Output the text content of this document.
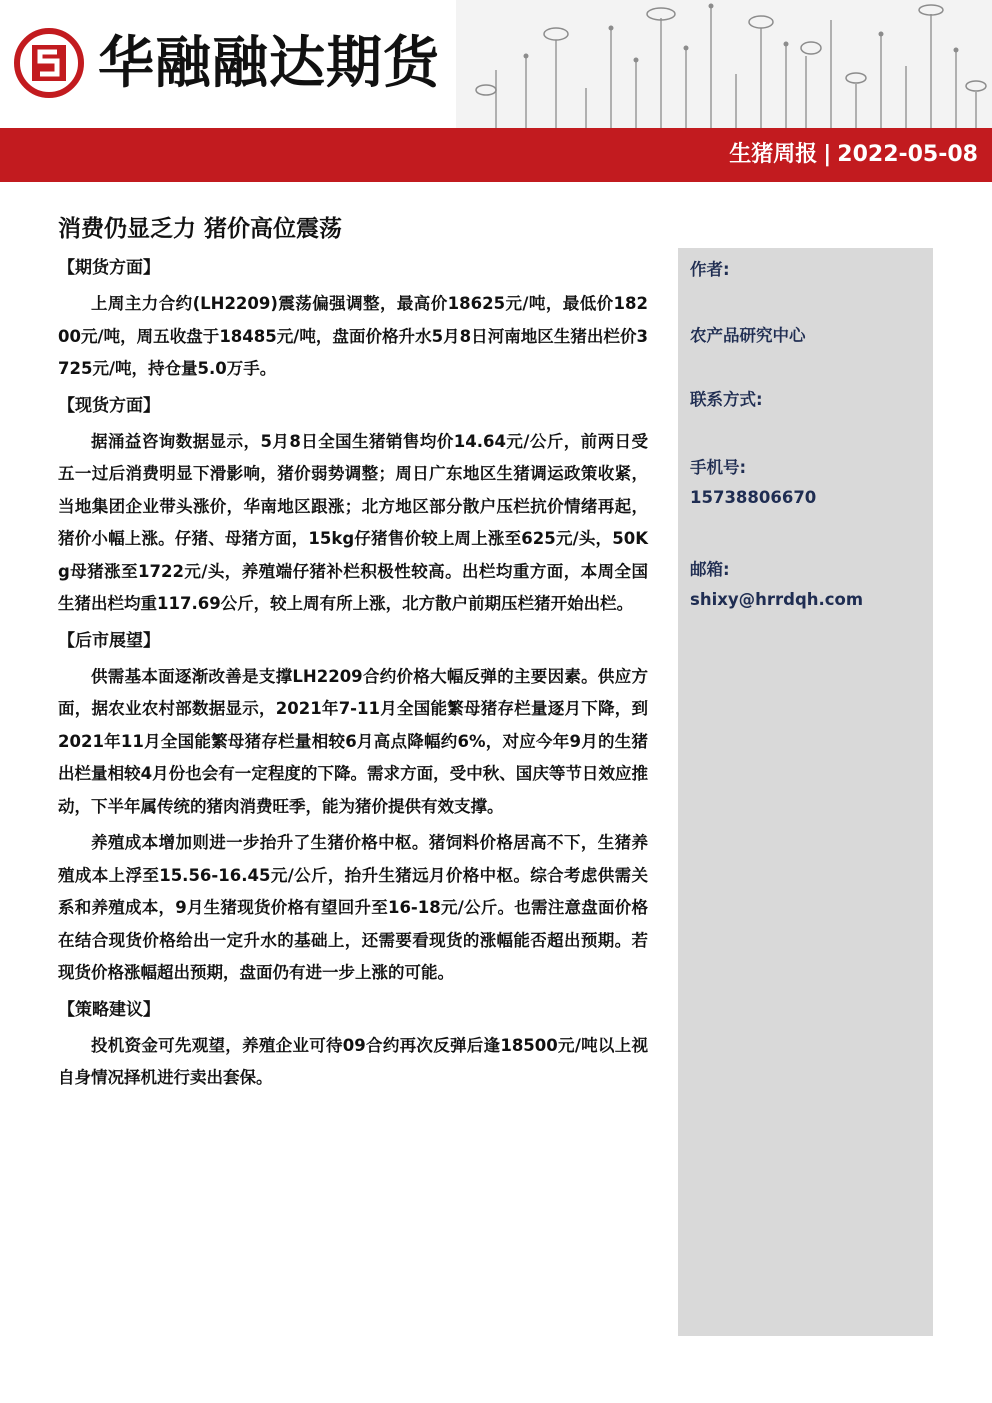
华融融达期货
生猪周报 | 2022-05-08
消费仍显乏力 猪价高位震荡
【期货方面】

上周主力合约(LH2209)震荡偏强调整，最高价18625元/吨，最低价18200元/吨，周五收盘于18485元/吨，盘面价格升水5月8日河南地区生猪出栏价3725元/吨，持仓量5.0万手。

【现货方面】

据涌益咨询数据显示，5月8日全国生猪销售均价14.64元/公斤，前两日受五一过后消费明显下滑影响，猪价弱势调整；周日广东地区生猪调运政策收紧，当地集团企业带头涨价，华南地区跟涨；北方地区部分散户压栏抗价情绪再起，猪价小幅上涨。仔猪、母猪方面，15kg仔猪售价较上周上涨至625元/头，50Kg母猪涨至1722元/头，养殖端仔猪补栏积极性较高。出栏均重方面，本周全国生猪出栏均重117.69公斤，较上周有所上涨，北方散户前期压栏猪开始出栏。

【后市展望】

供需基本面逐渐改善是支撑LH2209合约价格大幅反弹的主要因素。供应方面，据农业农村部数据显示，2021年7-11月全国能繁母猪存栏量逐月下降，到2021年11月全国能繁母猪存栏量相较6月高点降幅约6%，对应今年9月的生猪出栏量相较4月份也会有一定程度的下降。需求方面，受中秋、国庆等节日效应推动，下半年属传统的猪肉消费旺季，能为猪价提供有效支撑。

养殖成本增加则进一步抬升了生猪价格中枢。猪饲料价格居高不下，生猪养殖成本上浮至15.56-16.45元/公斤，抬升生猪远月价格中枢。综合考虑供需关系和养殖成本，9月生猪现货价格有望回升至16-18元/公斤。也需注意盘面价格在结合现货价格给出一定升水的基础上，还需要看现货的涨幅能否超出预期。若现货价格涨幅超出预期，盘面仍有进一步上涨的可能。

【策略建议】

投机资金可先观望，养殖企业可待09合约再次反弹后逢18500元/吨以上视自身情况择机进行卖出套保。

作者:
农产品研究中心
联系方式:
手机号:
15738806670
邮箱:
shixy@hrrdqh.com
